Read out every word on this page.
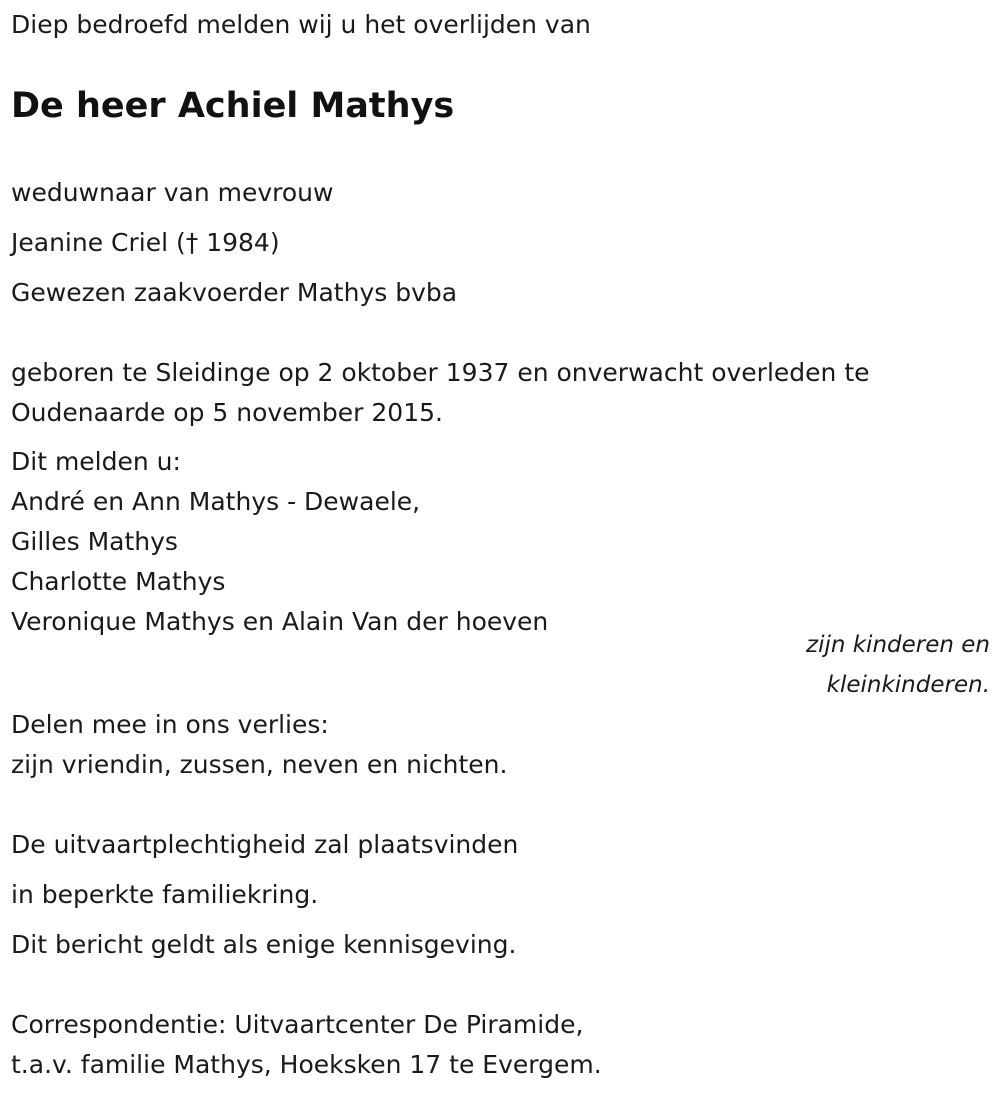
Diep bedroefd melden wij u het overlijden van
De heer Achiel Mathys
weduwnaar van mevrouw
Jeanine Criel († 1984)
Gewezen zaakvoerder Mathys bvba
geboren te Sleidinge op 2 oktober 1937 en onverwacht overleden te
Oudenaarde op 5 november 2015.
Dit melden u:
André en Ann Mathys - Dewaele,
Gilles Mathys
Charlotte Mathys
Veronique Mathys en Alain Van der hoeven
zijn kinderen en
kleinkinderen.
Delen mee in ons verlies:
zijn vriendin, zussen, neven en nichten.
De uitvaartplechtigheid zal plaatsvinden
in beperkte familiekring.
Dit bericht geldt als enige kennisgeving.
Correspondentie: Uitvaartcenter De Piramide,
t.a.v. familie Mathys, Hoeksken 17 te Evergem.
